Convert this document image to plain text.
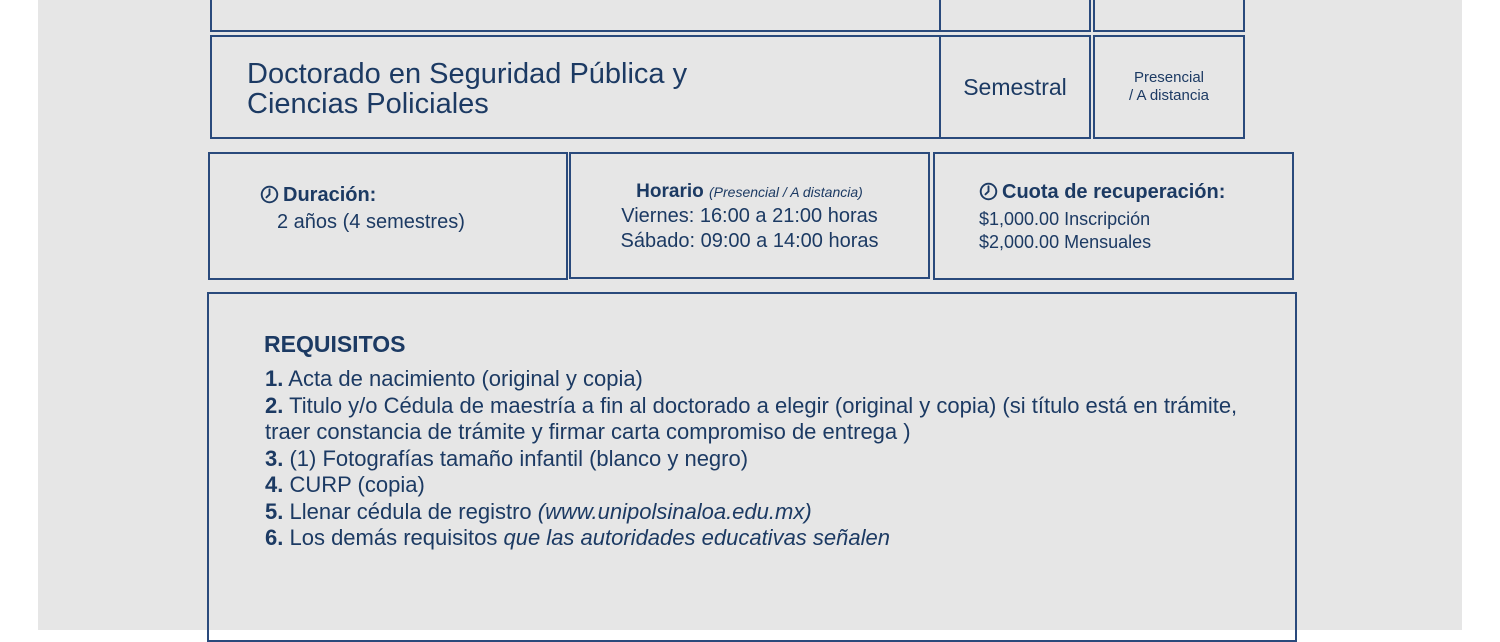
Doctorado en Seguridad Pública y
Ciencias Policiales
Semestral	Presencial
/ A distancia
Duración:
2 años (4 semestres)
Horario (Presencial / A distancia)
Viernes: 16:00 a 21:00 horas
Sábado: 09:00 a 14:00 horas
Cuota de recuperación:
$1,000.00 Inscripción
$2,000.00 Mensuales
REQUISITOS
1. Acta de nacimiento (original y copia)
2. Titulo y/o Cédula de maestría a fin al doctorado a elegir (original y copia) (si título está en trámite, traer constancia de trámite y firmar carta compromiso de entrega )
3. (1) Fotografías tamaño infantil (blanco y negro)
4. CURP (copia)
5. Llenar cédula de registro (www.unipolsinaloa.edu.mx)
6. Los demás requisitos que las autoridades educativas señalen
